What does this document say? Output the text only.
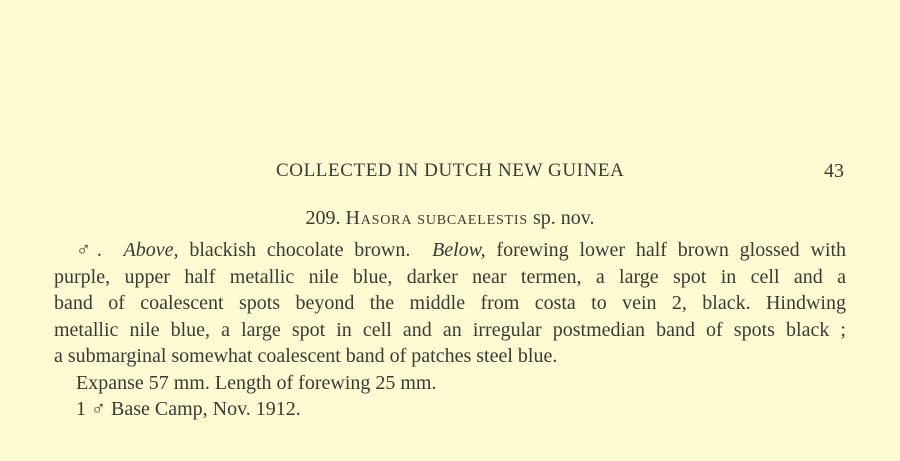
COLLECTED IN DUTCH NEW GUINEA	43
209. Hasora subcaelestis sp. nov.
♂.  Above, blackish chocolate brown. Below, forewing lower half brown glossed with
purple, upper half metallic nile blue, darker near termen, a large spot in cell and a
band of coalescent spots beyond the middle from costa to vein 2, black. Hindwing
metallic nile blue, a large spot in cell and an irregular postmedian band of spots black ;
a submarginal somewhat coalescent band of patches steel blue.
Expanse 57 mm. Length of forewing 25 mm.
1 ♂ Base Camp, Nov. 1912.
